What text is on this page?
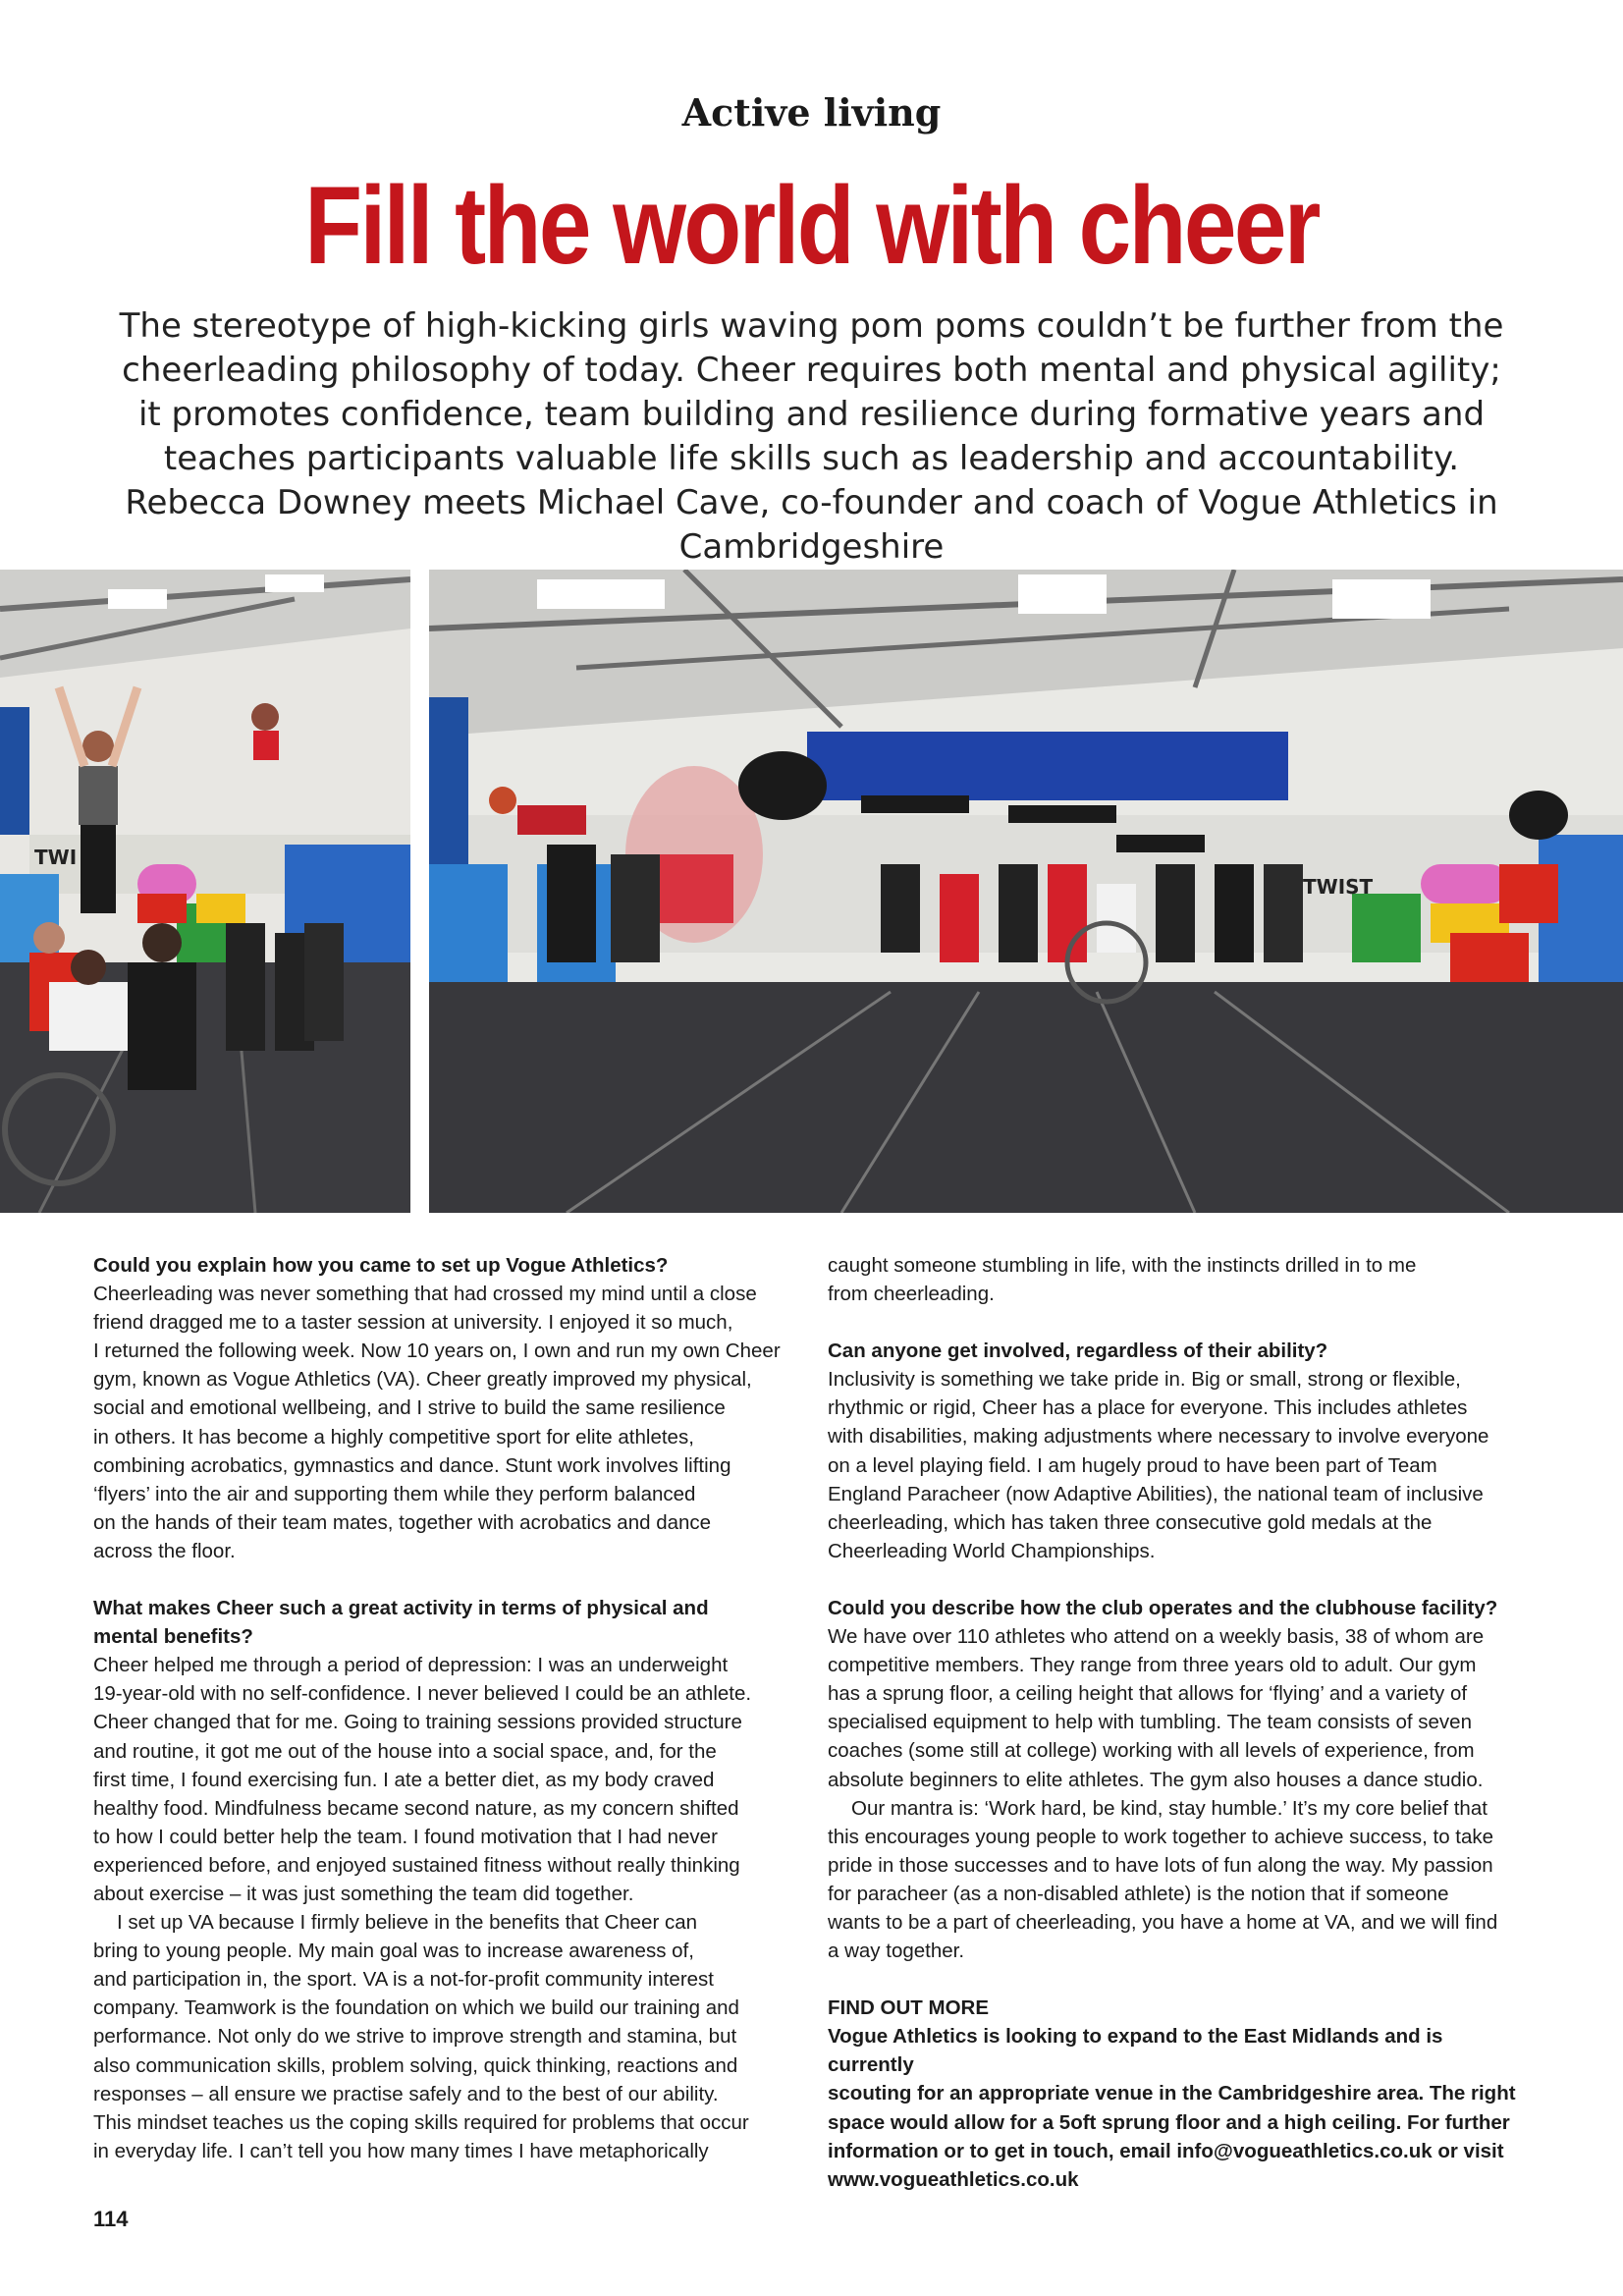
Active living
Fill the world with cheer

The stereotype of high-kicking girls waving pom poms couldn’t be further from the cheerleading philosophy of today. Cheer requires both mental and physical agility; it promotes confidence, team building and resilience during formative years and teaches participants valuable life skills such as leadership and accountability. Rebecca Downey meets Michael Cave, co-founder and coach of Vogue Athletics in Cambridgeshire

TWI
TWIST

Could you explain how you came to set up Vogue Athletics?

Cheerleading was never something that had crossed my mind until a close
friend dragged me to a taster session at university. I enjoyed it so much,
I returned the following week. Now 10 years on, I own and run my own Cheer
gym, known as Vogue Athletics (VA). Cheer greatly improved my physical,
social and emotional wellbeing, and I strive to build the same resilience
in others. It has become a highly competitive sport for elite athletes,
combining acrobatics, gymnastics and dance. Stunt work involves lifting
‘flyers’ into the air and supporting them while they perform balanced
on the hands of their team mates, together with acrobatics and dance
across the floor.

What makes Cheer such a great activity in terms of physical and
mental benefits?

Cheer helped me through a period of depression: I was an underweight
19-year-old with no self-confidence. I never believed I could be an athlete.
Cheer changed that for me. Going to training sessions provided structure
and routine, it got me out of the house into a social space, and, for the
first time, I found exercising fun. I ate a better diet, as my body craved
healthy food. Mindfulness became second nature, as my concern shifted
to how I could better help the team. I found motivation that I had never
experienced before, and enjoyed sustained fitness without really thinking
about exercise – it was just something the team did together.

I set up VA because I firmly believe in the benefits that Cheer can
bring to young people. My main goal was to increase awareness of,
and participation in, the sport. VA is a not-for-profit community interest
company. Teamwork is the foundation on which we build our training and
performance. Not only do we strive to improve strength and stamina, but
also communication skills, problem solving, quick thinking, reactions and
responses – all ensure we practise safely and to the best of our ability.
This mindset teaches us the coping skills required for problems that occur
in everyday life. I can’t tell you how many times I have metaphorically

caught someone stumbling in life, with the instincts drilled in to me
from cheerleading.

Can anyone get involved, regardless of their ability?

Inclusivity is something we take pride in. Big or small, strong or flexible,
rhythmic or rigid, Cheer has a place for everyone. This includes athletes
with disabilities, making adjustments where necessary to involve everyone
on a level playing field. I am hugely proud to have been part of Team
England Paracheer (now Adaptive Abilities), the national team of inclusive
cheerleading, which has taken three consecutive gold medals at the
Cheerleading World Championships.

Could you describe how the club operates and the clubhouse facility?

We have over 110 athletes who attend on a weekly basis, 38 of whom are
competitive members. They range from three years old to adult. Our gym
has a sprung floor, a ceiling height that allows for ‘flying’ and a variety of
specialised equipment to help with tumbling. The team consists of seven
coaches (some still at college) working with all levels of experience, from
absolute beginners to elite athletes. The gym also houses a dance studio.

Our mantra is: ‘Work hard, be kind, stay humble.’ It’s my core belief that
this encourages young people to work together to achieve success, to take
pride in those successes and to have lots of fun along the way. My passion
for paracheer (as a non-disabled athlete) is the notion that if someone
wants to be a part of cheerleading, you have a home at VA, and we will find
a way together.

FIND OUT MORE

Vogue Athletics is looking to expand to the East Midlands and is currently
scouting for an appropriate venue in the Cambridgeshire area. The right
space would allow for a 5oft sprung floor and a high ceiling. For further
information or to get in touch, email info@vogueathletics.co.uk or visit
www.vogueathletics.co.uk

114
